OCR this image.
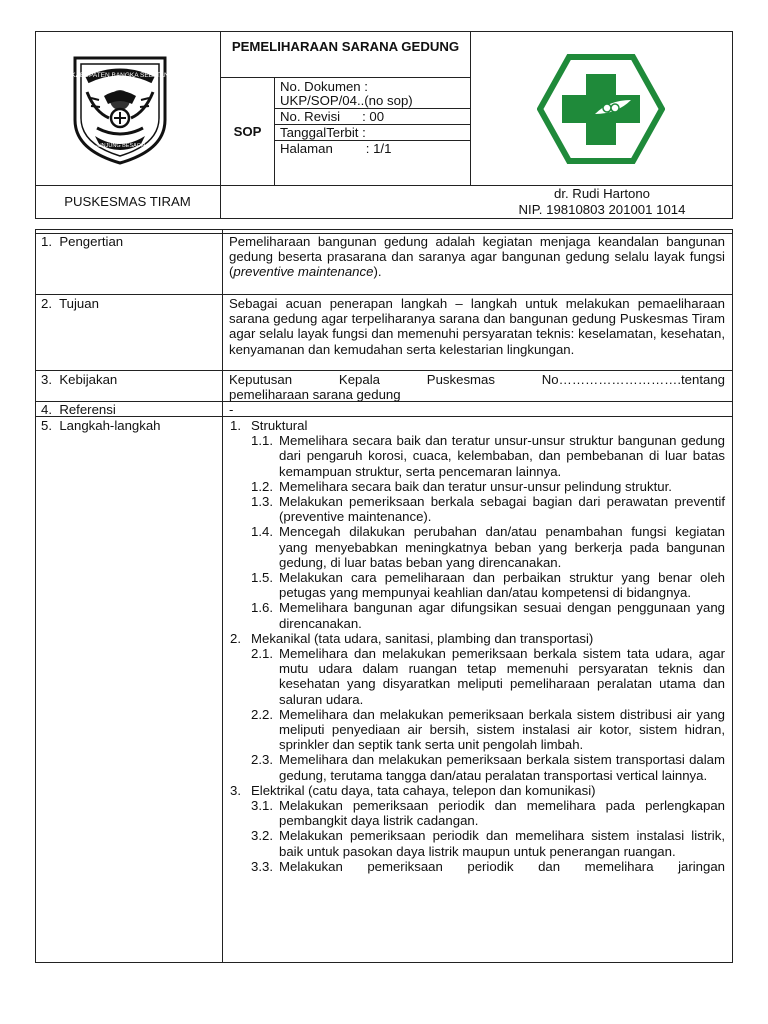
KABUPATEN BANGKA SELATAN
JUNJUNG BESAOH
PEMELIHARAAN SARANA GEDUNG
SOP
No. Dokumen :
UKP/SOP/04..(no sop)
No. Revisi      : 00
TanggalTerbit :
Halaman         : 1/1
PUSKESMAS TIRAM
dr. Rudi Hartono
NIP. 19810803 201001 1014
1.  Pengertian
2.  Tujuan
3.  Kebijakan
4.  Referensi
5.  Langkah-langkah
Pemeliharaan bangunan gedung adalah kegiatan menjaga keandalan bangunan gedung beserta prasarana dan saranya agar bangunan gedung selalu layak fungsi (preventive maintenance).
Sebagai acuan penerapan langkah – langkah untuk melakukan pemaeliharaan sarana gedung agar terpeliharanya sarana dan bangunan gedung Puskesmas Tiram agar selalu layak fungsi dan memenuhi persyaratan teknis: keselamatan, kesehatan, kenyamanan dan kemudahan serta kelestarian lingkungan.
Keputusan Kepala Puskesmas No……………………….tentang
pemeliharaan sarana gedung
-
1. Struktural
1.1. Memelihara secara baik dan teratur unsur-unsur struktur bangunan gedung dari pengaruh korosi, cuaca, kelembaban, dan pembebanan di luar batas kemampuan struktur, serta pencemaran lainnya.
1.2. Memelihara secara baik dan teratur unsur-unsur pelindung struktur.
1.3. Melakukan pemeriksaan berkala sebagai bagian dari perawatan preventif (preventive maintenance).
1.4. Mencegah dilakukan perubahan dan/atau penambahan fungsi kegiatan yang menyebabkan meningkatnya beban yang berkerja pada bangunan gedung, di luar batas beban yang direncanakan.
1.5. Melakukan cara pemeliharaan dan perbaikan struktur yang benar oleh petugas yang mempunyai keahlian dan/atau kompetensi di bidangnya.
1.6. Memelihara bangunan agar difungsikan sesuai dengan penggunaan yang direncanakan.
2. Mekanikal (tata udara, sanitasi, plambing dan transportasi)
2.1. Memelihara dan melakukan pemeriksaan berkala sistem tata udara, agar mutu udara dalam ruangan tetap memenuhi persyaratan teknis dan kesehatan yang disyaratkan meliputi pemeliharaan peralatan utama dan saluran udara.
2.2. Memelihara dan melakukan pemeriksaan berkala sistem distribusi air yang meliputi penyediaan air bersih, sistem instalasi air kotor, sistem hidran, sprinkler dan septik tank serta unit pengolah limbah.
2.3. Memelihara dan melakukan pemeriksaan berkala sistem transportasi dalam gedung, terutama tangga dan/atau peralatan transportasi vertical lainnya.
3. Elektrikal (catu daya, tata cahaya, telepon dan komunikasi)
3.1. Melakukan pemeriksaan periodik dan memelihara pada perlengkapan pembangkit daya listrik cadangan.
3.2. Melakukan pemeriksaan periodik dan memelihara sistem instalasi listrik, baik untuk pasokan daya listrik maupun untuk penerangan ruangan.
3.3. Melakukan pemeriksaan periodik dan memelihara jaringan
